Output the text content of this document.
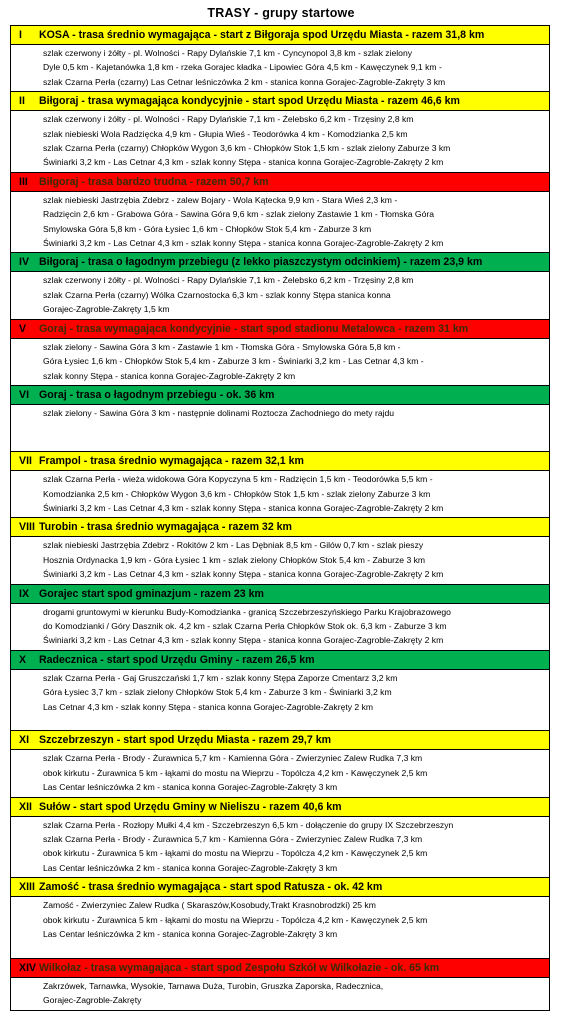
TRASY - grupy startowe
I	KOSA - trasa średnio wymagająca - start z Biłgoraja spod Urzędu Miasta - razem 31,8 km
szlak czerwony i żółty - pl. Wolności - Rapy Dylańskie 7,1 km - Cyncynopol 3,8 km - szlak zielony
Dyle 0,5 km - Kajetanówka 1,8 km - rzeka Gorajec kładka - Lipowiec Góra 4,5 km - Kawęczynek 9,1 km -
szlak Czarna Perła (czarny) Las Cetnar leśniczówka 2 km - stanica konna Gorajec-Zagroble-Zakręty 3 km
II	Biłgoraj - trasa wymagająca kondycyjnie - start spod Urzędu Miasta - razem 46,6 km
szlak czerwony i żółty - pl. Wolności - Rapy Dylańskie 7,1 km - Żelebsko 6,2 km - Trzęsiny 2,8 km
szlak niebieski Wola Radzięcka 4,9 km - Głupia Wieś - Teodorówka 4 km - Komodzianka 2,5 km
szlak Czarna Perła (czarny) Chłopków Wygon 3,6 km - Chłopków Stok 1,5 km - szlak zielony Zaburze 3 km
Świniarki 3,2 km - Las Cetnar 4,3 km - szlak konny Stępa - stanica konna Gorajec-Zagroble-Zakręty 2 km
III	Biłgoraj - trasa bardzo trudna - razem 50,7 km
szlak niebieski Jastrzębia Zdebrz - zalew Bojary - Wola Kątecka 9,9 km - Stara Wieś 2,3 km -
Radzięcin 2,6 km - Grabowa Góra - Sawina Góra 9,6 km - szlak zielony Zastawie 1 km - Tłomska Góra
Smylowska Góra 5,8 km - Góra Łysiec 1,6 km - Chłopków Stok 5,4 km - Zaburze 3 km
Świniarki 3,2 km - Las Cetnar 4,3 km - szlak konny Stępa - stanica konna Gorajec-Zagroble-Zakręty 2 km
IV Biłgoraj - trasa o łagodnym przebiegu (z lekko piaszczystym odcinkiem) - razem 23,9 km
szlak czerwony i żółty - pl. Wolności - Rapy Dylańskie 7,1 km - Żelebsko 6,2 km - Trzęsiny 2,8 km
szlak Czarna Perła (czarny) Wólka Czarnostocka 6,3 km - szlak konny Stępa stanica konna
Gorajec-Zagroble-Zakręty 1,5 km
V	Goraj - trasa wymagająca kondycyjnie - start spod stadionu Metalowca - razem 31 km
szlak zielony - Sawina Góra 3 km - Zastawie 1 km - Tłomska Góra - Smylowska Góra 5,8 km -
Góra Łysiec 1,6 km - Chłopków Stok 5,4 km - Zaburze 3 km - Świniarki 3,2 km - Las Cetnar 4,3 km -
szlak konny Stępa - stanica konna Gorajec-Zagroble-Zakręty 2 km
VI Goraj - trasa o łagodnym przebiegu - ok. 36 km
szlak zielony - Sawina Góra 3 km - następnie dolinami Roztocza Zachodniego do mety rajdu

VII Frampol - trasa średnio wymagająca - razem 32,1 km
szlak Czarna Perła - wieża widokowa Góra Kopyczyna 5 km - Radzięcin 1,5 km - Teodorówka 5,5 km -
Komodzianka 2,5 km - Chłopków Wygon 3,6 km - Chłopków Stok 1,5 km - szlak zielony Zaburze 3 km
Świniarki 3,2 km - Las Cetnar 4,3 km - szlak konny Stępa - stanica konna Gorajec-Zagroble-Zakręty 2 km
VIII Turobin - trasa średnio wymagająca - razem 32 km
szlak niebieski Jastrzębia Zdebrz - Rokitów 2 km - Las Dębniak 8,5 km - Gilów 0,7 km - szlak pieszy
Hosznia Ordynacka 1,9 km - Góra Łysiec 1 km - szlak zielony Chłopków Stok 5,4 km - Zaburze 3 km
Świniarki 3,2 km - Las Cetnar 4,3 km - szlak konny Stępa - stanica konna Gorajec-Zagroble-Zakręty 2 km
IX Gorajec start spod gminazjum - razem 23 km
drogami gruntowymi w kierunku Budy-Komodzianka - granicą Szczebrzeszyńskiego Parku Krajobrazowego
do Komodzianki / Góry Dasznik ok. 4,2 km - szlak Czarna Perła Chłopków Stok ok. 6,3 km - Zaburze 3 km
Świniarki 3,2 km - Las Cetnar 4,3 km - szlak konny Stępa - stanica konna Gorajec-Zagroble-Zakręty 2 km
X	Radecznica - start spod Urzędu Gminy - razem 26,5 km
szlak Czarna Perła - Gaj Gruszczański 1,7 km - szlak konny Stępa Zaporze Cmentarz 3,2 km
Góra Łysiec 3,7 km - szlak zielony Chłopków Stok 5,4 km - Zaburze 3 km - Świniarki 3,2 km
Las Cetnar 4,3 km - szlak konny Stępa - stanica konna Gorajec-Zagroble-Zakręty 2 km

XI Szczebrzeszyn - start spod Urzędu Miasta - razem 29,7 km
szlak Czarna Perła - Brody - Żurawnica 5,7 km - Kamienna Góra - Zwierzyniec Zalew Rudka 7,3 km
obok kirkutu - Żurawnica 5 km - łąkami do mostu na Wieprzu - Topólcza 4,2 km - Kawęczynek 2,5 km
Las Centar leśniczówka 2 km - stanica konna Gorajec-Zagroble-Zakręty 3 km
XII Sułów - start spod Urzędu Gminy w Nieliszu - razem 40,6 km
szlak Czarna Perła - Rozłopy Mułki 4,4 km - Szczebrzeszyn 6,5 km - dołączenie do grupy IX Szczebrzeszyn
szlak Czarna Perła - Brody - Żurawnica 5,7 km - Kamienna Góra - Zwierzyniec Zalew Rudka 7,3 km
obok kirkutu - Żurawnica 5 km - łąkami do mostu na Wieprzu - Topólcza 4,2 km - Kawęczynek 2,5 km
Las Centar leśniczówka 2 km - stanica konna Gorajec-Zagroble-Zakręty 3 km
XIII Zamość - trasa średnio wymagająca - start spod Ratusza - ok. 42 km
Zamość - Zwierzyniec Zalew Rudka ( Skaraszów,Kosobudy,Trakt Krasnobrodzki) 25 km
obok kirkutu - Żurawnica 5 km - łąkami do mostu na Wieprzu - Topólcza 4,2 km - Kawęczynek 2,5 km
Las Centar leśniczówka 2 km - stanica konna Gorajec-Zagroble-Zakręty 3 km

XIV Wilkołaz - trasa wymagająca - start spod Zespołu Szkół w Wilkołazie - ok. 65 km
Zakrzówek, Tarnawka, Wysokie, Tarnawa Duża, Turobin, Gruszka Zaporska, Radecznica,
Gorajec-Zagroble-Zakręty
